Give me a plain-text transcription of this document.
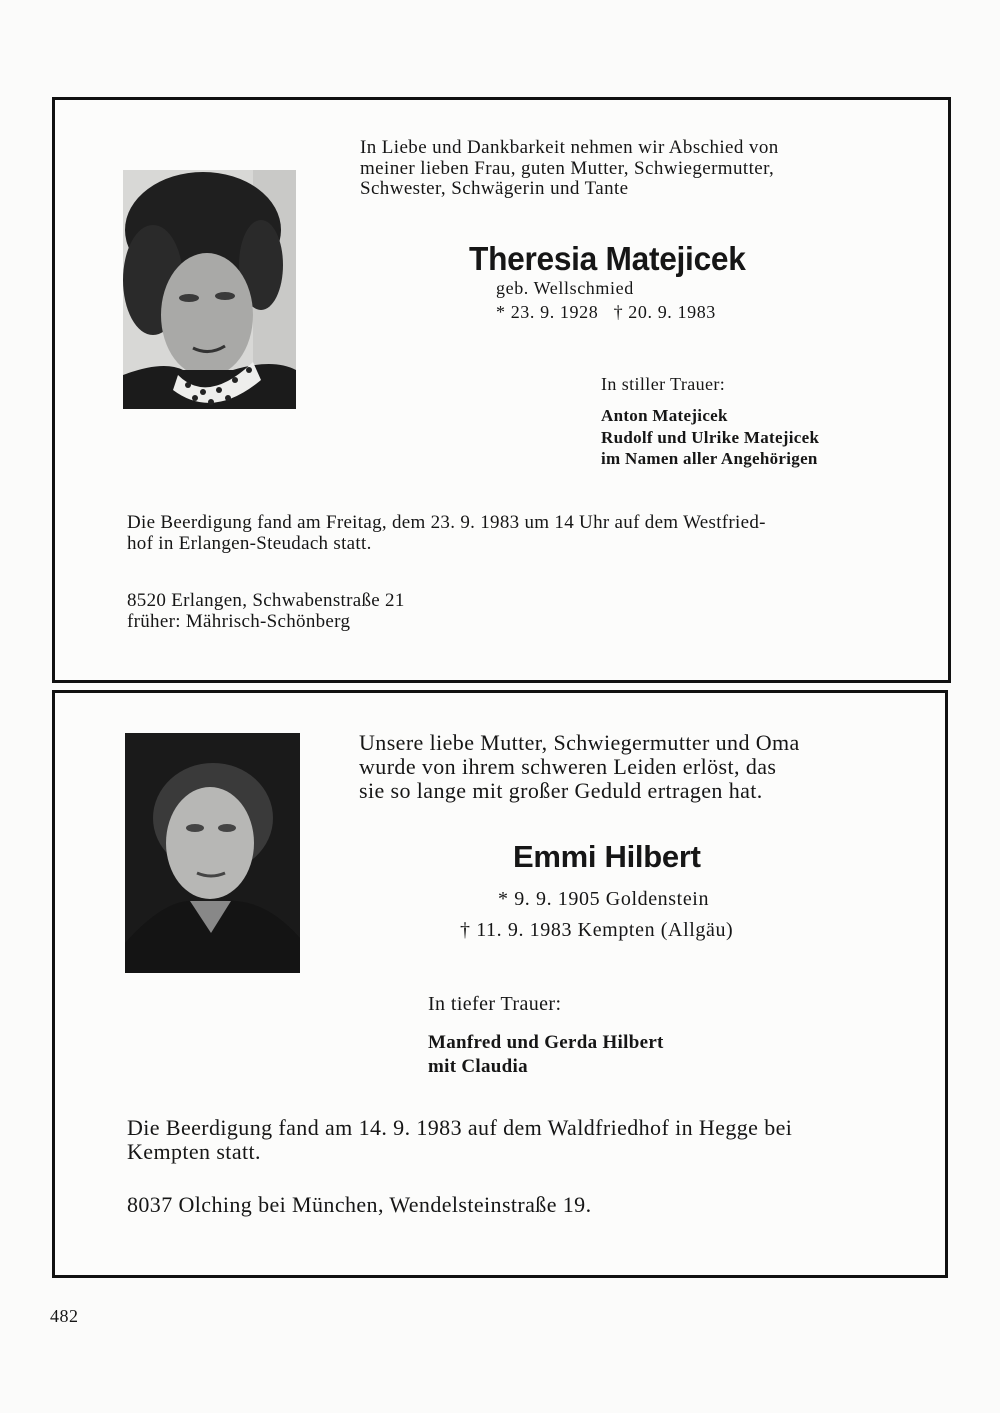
In Liebe und Dankbarkeit nehmen wir Abschied von
meiner lieben Frau, guten Mutter, Schwiegermutter,
Schwester, Schwägerin und Tante
Theresia Matejicek
geb. Wellschmied
* 23. 9. 1928   † 20. 9. 1983
In stiller Trauer:
Anton Matejicek
Rudolf und Ulrike Matejicek
im Namen aller Angehörigen
Die Beerdigung fand am Freitag, dem 23. 9. 1983 um 14 Uhr auf dem Westfried-
hof in Erlangen-Steudach statt.
8520 Erlangen, Schwabenstraße 21
früher: Mährisch-Schönberg
Unsere liebe Mutter, Schwiegermutter und Oma
wurde von ihrem schweren Leiden erlöst, das
sie so lange mit großer Geduld ertragen hat.
Emmi Hilbert
* 9. 9. 1905 Goldenstein
† 11. 9. 1983 Kempten (Allgäu)
In tiefer Trauer:
Manfred und Gerda Hilbert
mit Claudia
Die Beerdigung fand am 14. 9. 1983 auf dem Waldfriedhof in Hegge bei
Kempten statt.
8037 Olching bei München, Wendelsteinstraße 19.
482
